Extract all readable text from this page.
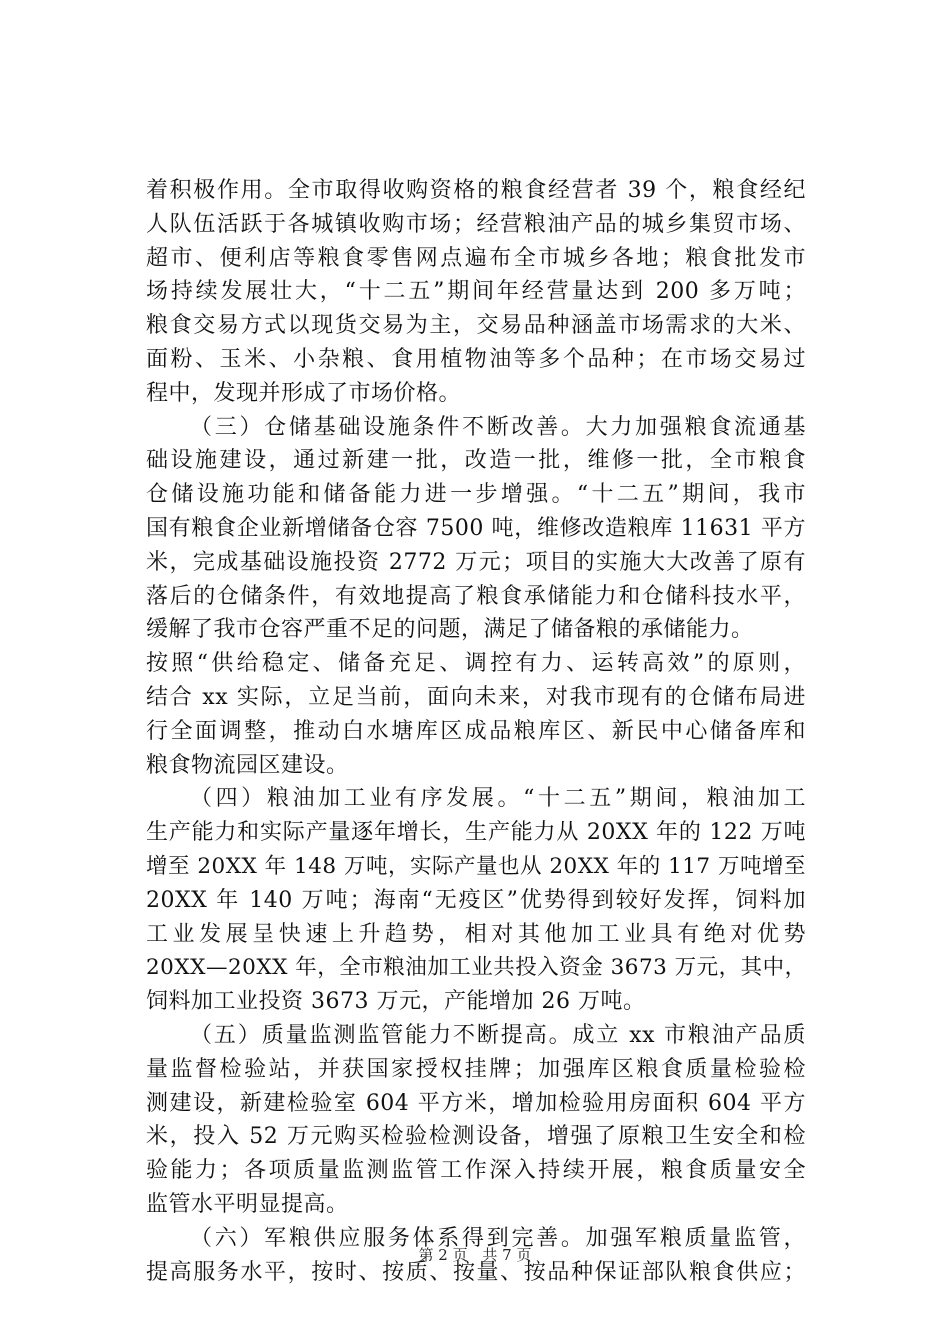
着积极作用。全市取得收购资格的粮食经营者 39 个，粮食经纪
人队伍活跃于各城镇收购市场；经营粮油产品的城乡集贸市场、
超市、便利店等粮食零售网点遍布全市城乡各地；粮食批发市
场持续发展壮大，“十二五”期间年经营量达到 200 多万吨；
粮食交易方式以现货交易为主，交易品种涵盖市场需求的大米、
面粉、玉米、小杂粮、食用植物油等多个品种；在市场交易过
程中，发现并形成了市场价格。
（三）仓储基础设施条件不断改善。大力加强粮食流通基
础设施建设，通过新建一批，改造一批，维修一批，全市粮食
仓储设施功能和储备能力进一步增强。“十二五”期间，我市
国有粮食企业新增储备仓容 7500 吨，维修改造粮库 11631 平方
米，完成基础设施投资 2772 万元；项目的实施大大改善了原有
落后的仓储条件，有效地提高了粮食承储能力和仓储科技水平，
缓解了我市仓容严重不足的问题，满足了储备粮的承储能力。
按照“供给稳定、储备充足、调控有力、运转高效”的原则，
结合 xx 实际，立足当前，面向未来，对我市现有的仓储布局进
行全面调整，推动白水塘库区成品粮库区、新民中心储备库和
粮食物流园区建设。
（四）粮油加工业有序发展。“十二五”期间，粮油加工
生产能力和实际产量逐年增长，生产能力从 20XX 年的 122 万吨
增至 20XX 年 148 万吨，实际产量也从 20XX 年的 117 万吨增至
20XX 年 140 万吨；海南“无疫区”优势得到较好发挥，饲料加
工业发展呈快速上升趋势，相对其他加工业具有绝对优势
20XX—20XX 年，全市粮油加工业共投入资金 3673 万元，其中，
饲料加工业投资 3673 万元，产能增加 26 万吨。
（五）质量监测监管能力不断提高。成立 xx 市粮油产品质
量监督检验站，并获国家授权挂牌；加强库区粮食质量检验检
测建设，新建检验室 604 平方米，增加检验用房面积 604 平方
米，投入 52 万元购买检验检测设备，增强了原粮卫生安全和检
验能力；各项质量监测监管工作深入持续开展，粮食质量安全
监管水平明显提高。
（六）军粮供应服务体系得到完善。加强军粮质量监管，
提高服务水平，按时、按质、按量、按品种保证部队粮食供应；
第 2 页 共 7 页
